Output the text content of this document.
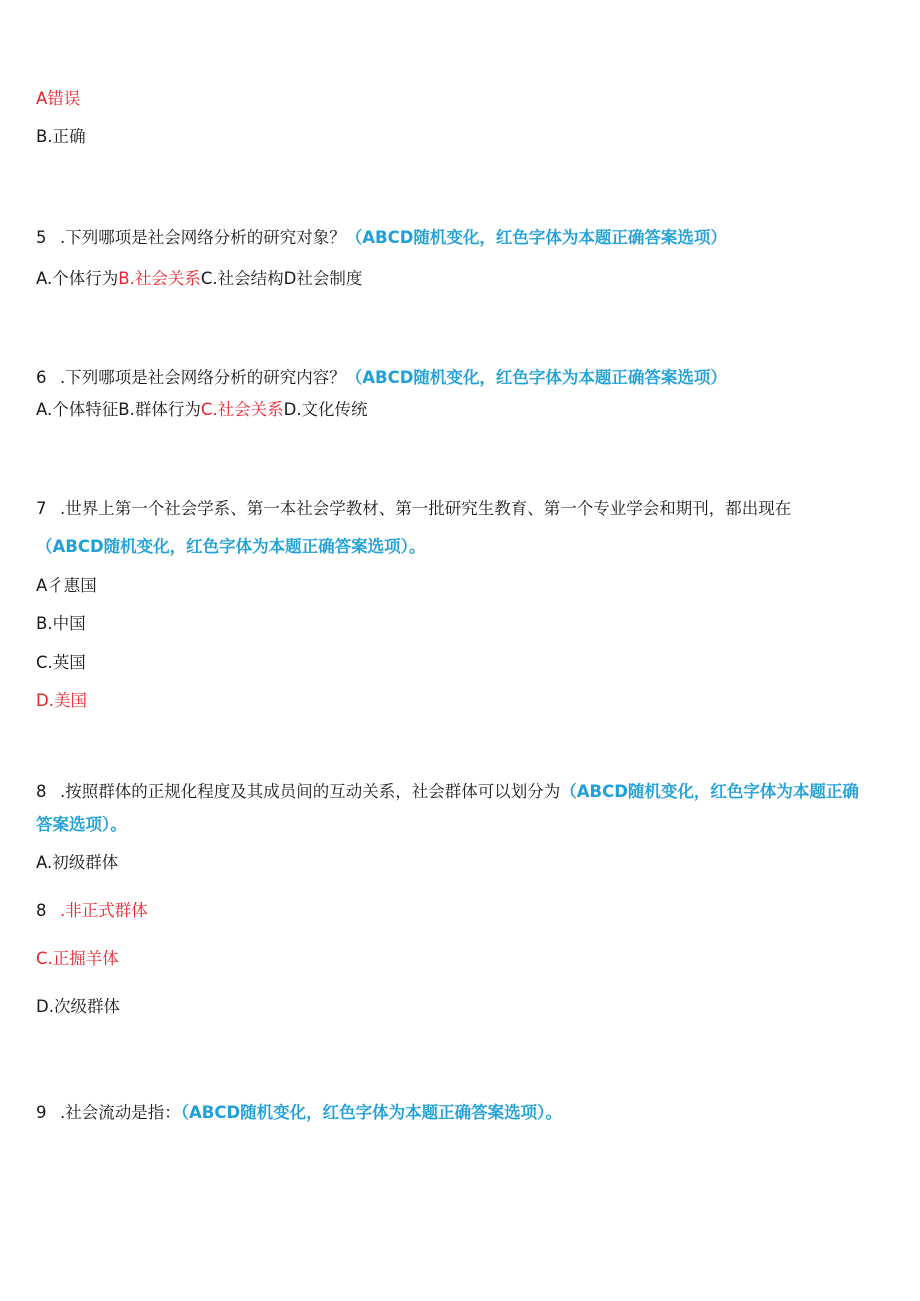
A错误
B.正确
5 .下列哪项是社会网络分析的研究对象？（ABCD随机变化，红色字体为本题正确答案选项）
A.个体行为B.社会关系C.社会结构D社会制度
6 .下列哪项是社会网络分析的研究内容？（ABCD随机变化，红色字体为本题正确答案选项）
A.个体特征B.群体行为C.社会关系D.文化传统
7 .世界上第一个社会学系、第一本社会学教材、第一批研究生教育、第一个专业学会和期刊，都出现在
（ABCD随机变化，红色字体为本题正确答案选项）。
A彳惠国
B.中国
C.英国
D.美国
8 .按照群体的正规化程度及其成员间的互动关系，社会群体可以划分为（ABCD随机变化，红色字体为本题正确
答案选项）。
A.初级群体
8 .非正式群体
C.正掘羊体
D.次级群体
9 .社会流动是指：（ABCD随机变化，红色字体为本题正确答案选项）。
